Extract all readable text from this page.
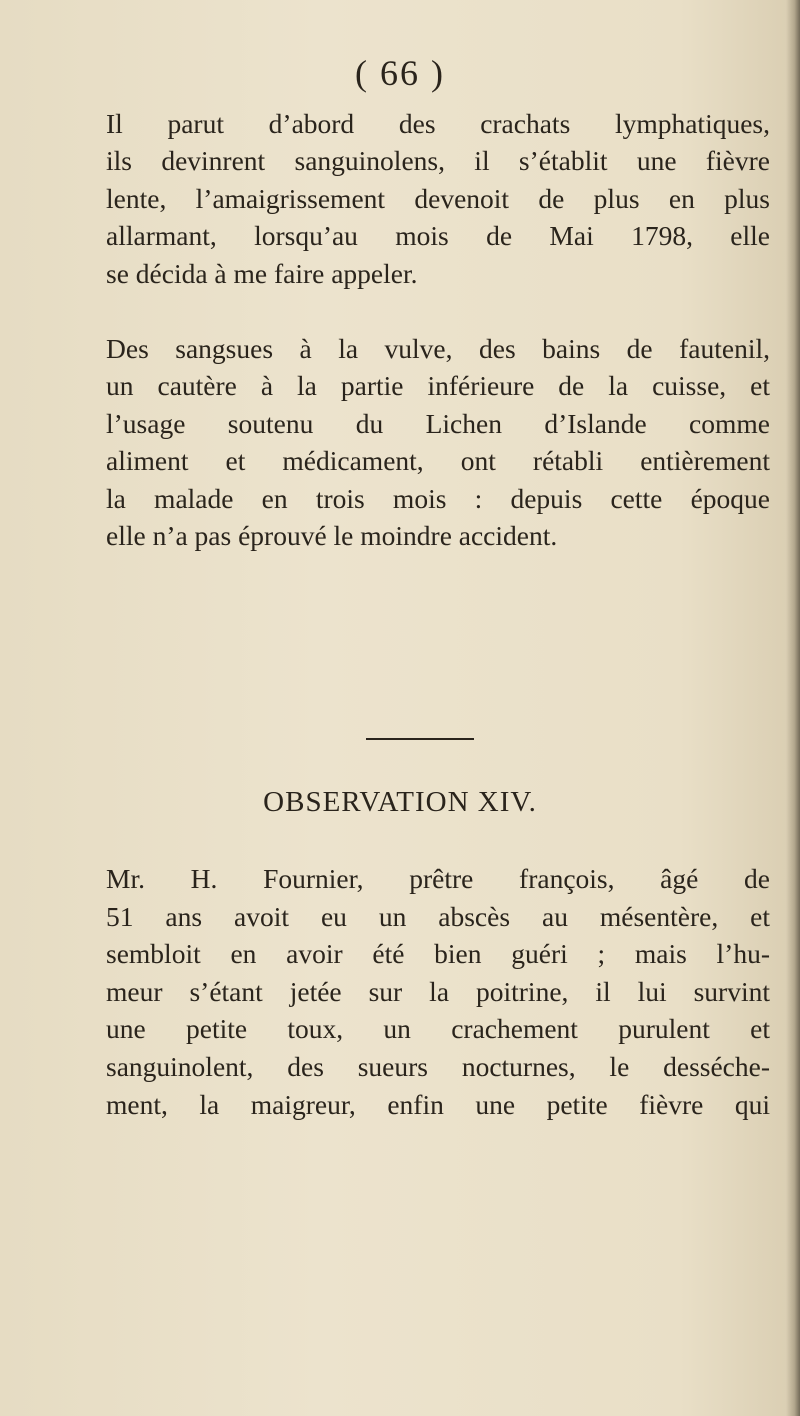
( 66 )
Il parut d’abord des crachats lymphatiques,
ils devinrent sanguinolens, il s’établit une fièvre
lente, l’amaigrissement devenoit de plus en plus
allarmant, lorsqu’au mois de Mai 1798, elle
se décida à me faire appeler.
Des sangsues à la vulve, des bains de fautenil,
un cautère à la partie inférieure de la cuisse, et
l’usage soutenu du Lichen d’Islande comme
aliment et médicament, ont rétabli entièrement
la malade en trois mois : depuis cette époque
elle n’a pas éprouvé le moindre accident.
OBSERVATION XIV.
Mr. H. Fournier, prêtre françois, âgé de
51 ans avoit eu un abscès au mésentère, et
sembloit en avoir été bien guéri ; mais l’hu-
meur s’étant jetée sur la poitrine, il lui survint
une petite toux, un crachement purulent et
sanguinolent, des sueurs nocturnes, le desséche-
ment, la maigreur, enfin une petite fièvre qui
